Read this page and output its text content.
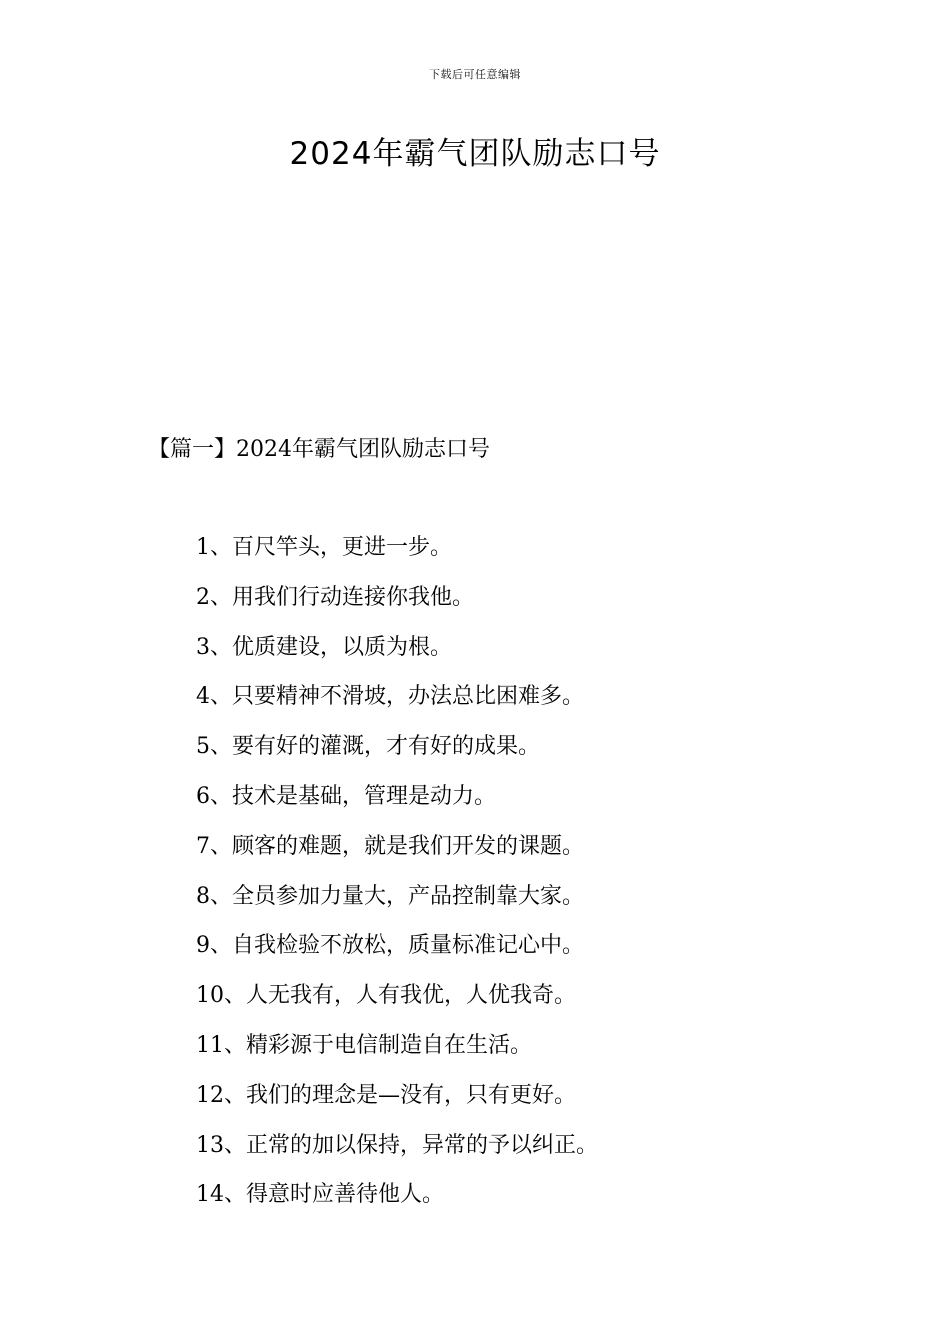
下载后可任意编辑
2024年霸气团队励志口号
【篇一】2024年霸气团队励志口号
1、百尺竿头，更进一步。
2、用我们行动连接你我他。
3、优质建设，以质为根。
4、只要精神不滑坡，办法总比困难多。
5、要有好的灌溉，才有好的成果。
6、技术是基础，管理是动力。
7、顾客的难题，就是我们开发的课题。
8、全员参加力量大，产品控制靠大家。
9、自我检验不放松，质量标准记心中。
10、人无我有，人有我优，人优我奇。
11、精彩源于电信制造自在生活。
12、我们的理念是—没有，只有更好。
13、正常的加以保持，异常的予以纠正。
14、得意时应善待他人。
